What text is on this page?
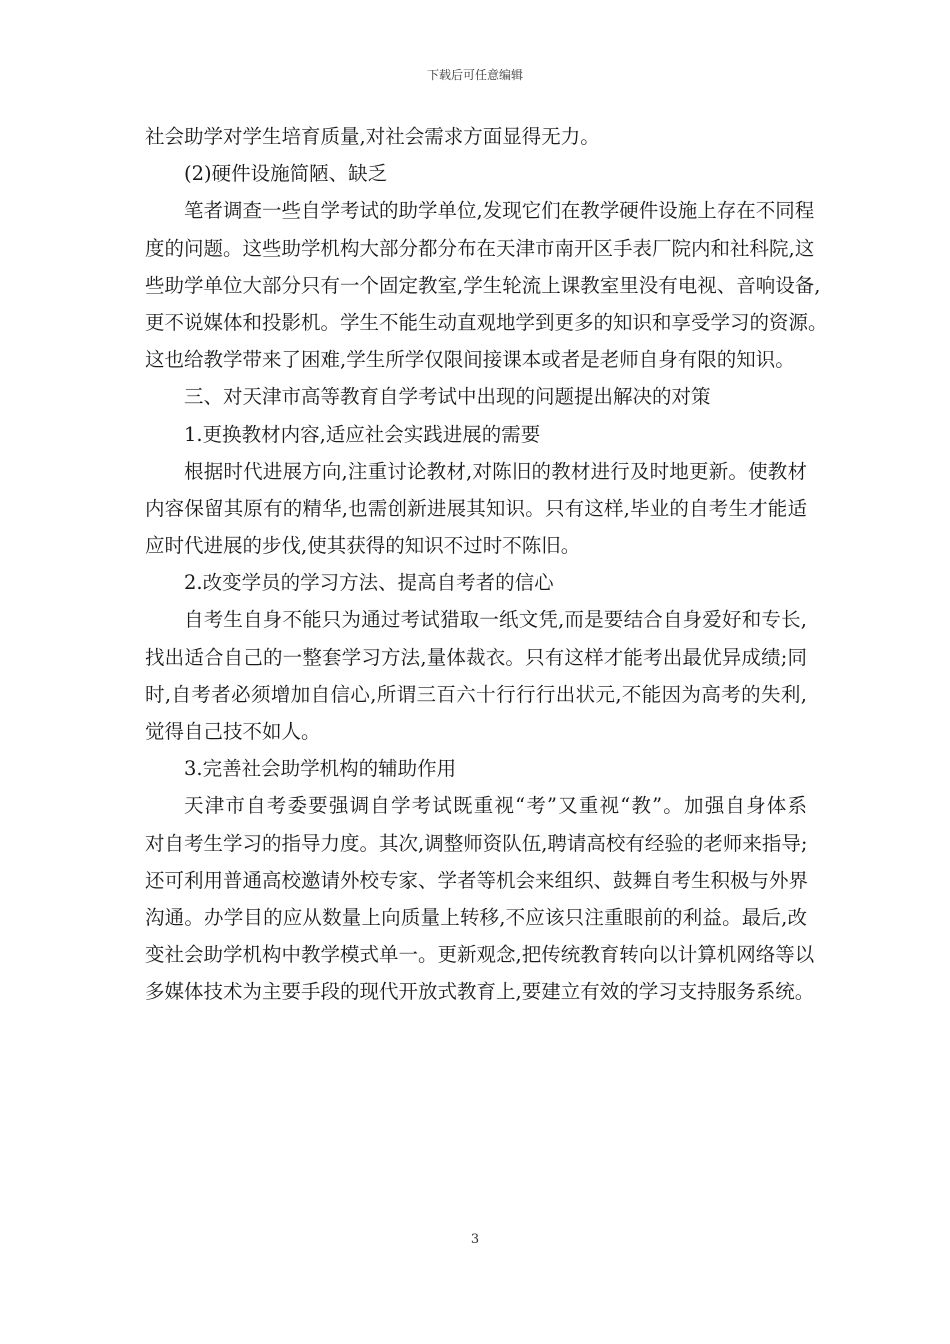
下载后可任意编辑
社会助学对学生培育质量,对社会需求方面显得无力。
(2)硬件设施简陋、缺乏
笔者调查一些自学考试的助学单位,发现它们在教学硬件设施上存在不同程
度的问题。这些助学机构大部分都分布在天津市南开区手表厂院内和社科院,这
些助学单位大部分只有一个固定教室,学生轮流上课教室里没有电视、音响设备,
更不说媒体和投影机。学生不能生动直观地学到更多的知识和享受学习的资源。
这也给教学带来了困难,学生所学仅限间接课本或者是老师自身有限的知识。
三、对天津市高等教育自学考试中出现的问题提出解决的对策
1.更换教材内容,适应社会实践进展的需要
根据时代进展方向,注重讨论教材,对陈旧的教材进行及时地更新。使教材
内容保留其原有的精华,也需创新进展其知识。只有这样,毕业的自考生才能适
应时代进展的步伐,使其获得的知识不过时不陈旧。
2.改变学员的学习方法、提高自考者的信心
自考生自身不能只为通过考试猎取一纸文凭,而是要结合自身爱好和专长,
找出适合自己的一整套学习方法,量体裁衣。只有这样才能考出最优异成绩;同
时,自考者必须增加自信心,所谓三百六十行行行出状元,不能因为高考的失利,
觉得自己技不如人。
3.完善社会助学机构的辅助作用
天津市自考委要强调自学考试既重视“考”又重视“教”。加强自身体系
对自考生学习的指导力度。其次,调整师资队伍,聘请高校有经验的老师来指导;
还可利用普通高校邀请外校专家、学者等机会来组织、鼓舞自考生积极与外界
沟通。办学目的应从数量上向质量上转移,不应该只注重眼前的利益。最后,改
变社会助学机构中教学模式单一。更新观念,把传统教育转向以计算机网络等以
多媒体技术为主要手段的现代开放式教育上,要建立有效的学习支持服务系统。
3
